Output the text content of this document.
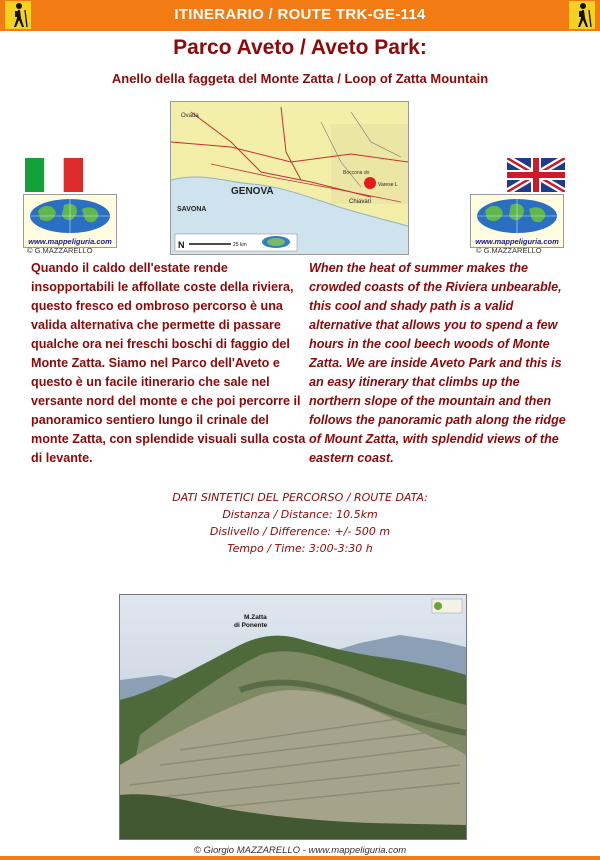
ITINERARIO / ROUTE TRK-GE-114
Parco Aveto / Aveto Park:
Anello della faggeta del Monte Zatta / Loop of Zatta Mountain
Ovada
GENOVA
SAVONA
Chiavari
Varese L
Boccona do
N	25 km
www.mappeliguria.com
© G.MAZZARELLO
www.mappeliguria.com
© G.MAZZARELLO
Quando il caldo dell'estate rende insopportabili le affollate coste della riviera, questo fresco ed ombroso percorso è una valida alternativa che permette di passare qualche ora nei freschi boschi di faggio del Monte Zatta. Siamo nel Parco dell'Aveto e questo è un facile itinerario che sale nel versante nord del monte e che poi percorre il panoramico sentiero lungo il crinale del monte Zatta, con splendide visuali sulla costa di levante.
When the heat of summer makes the crowded coasts of the Riviera unbearable, this cool and shady path is a valid alternative that allows you to spend a few hours in the cool beech woods of Monte Zatta. We are inside Aveto Park and this is an easy itinerary that climbs up the northern slope of the mountain and then follows the panoramic path along the ridge of Mount Zatta, with splendid views of the eastern coast.
DATI SINTETICI DEL PERCORSO / ROUTE DATA:
Distanza / Distance: 10.5km
Dislivello / Difference: +/- 500 m
Tempo / Time: 3:00-3:30 h
M.Zatta
di Ponente
© Giorgio MAZZARELLO - www.mappeliguria.com
